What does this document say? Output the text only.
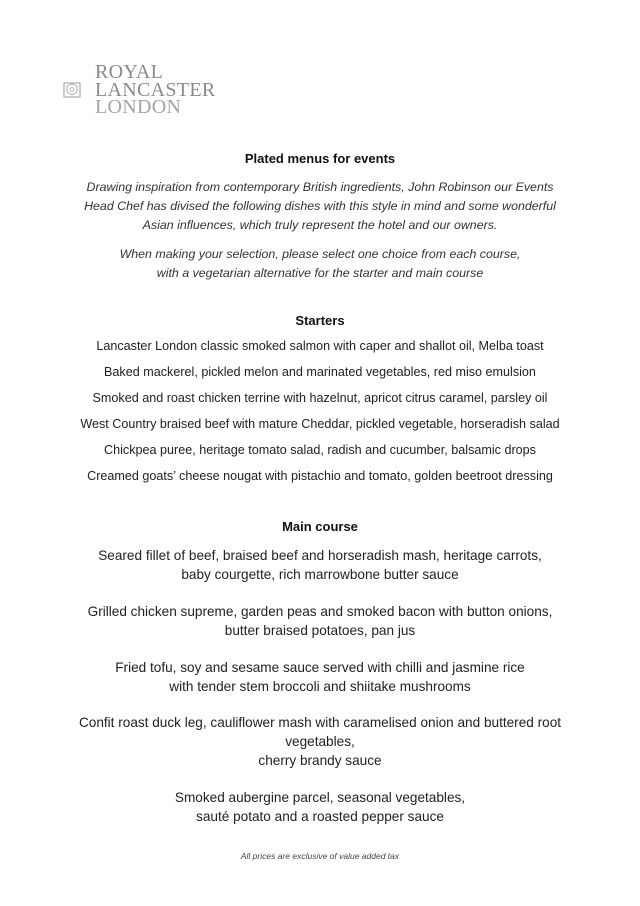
ROYAL
LANCASTER
LONDON
Plated menus for events
Drawing inspiration from contemporary British ingredients, John Robinson our Events
Head Chef has divised the following dishes with this style in mind and some wonderful
Asian influences, which truly represent the hotel and our owners.
When making your selection, please select one choice from each course,
with a vegetarian alternative for the starter and main course
Starters
Lancaster London classic smoked salmon with caper and shallot oil, Melba toast
Baked mackerel, pickled melon and marinated vegetables, red miso emulsion
Smoked and roast chicken terrine with hazelnut, apricot citrus caramel, parsley oil
West Country braised beef with mature Cheddar, pickled vegetable, horseradish salad
Chickpea puree, heritage tomato salad, radish and cucumber, balsamic drops
Creamed goats’ cheese nougat with pistachio and tomato, golden beetroot dressing
Main course
Seared fillet of beef, braised beef and horseradish mash, heritage carrots,
baby courgette, rich marrowbone butter sauce
Grilled chicken supreme, garden peas and smoked bacon with button onions,
butter braised potatoes, pan jus
Fried tofu, soy and sesame sauce served with chilli and jasmine rice
with tender stem broccoli and shiitake mushrooms
Confit roast duck leg, cauliflower mash with caramelised onion and buttered root
vegetables,
cherry brandy sauce
Smoked aubergine parcel, seasonal vegetables,
sauté potato and a roasted pepper sauce
All prices are exclusive of value added tax
